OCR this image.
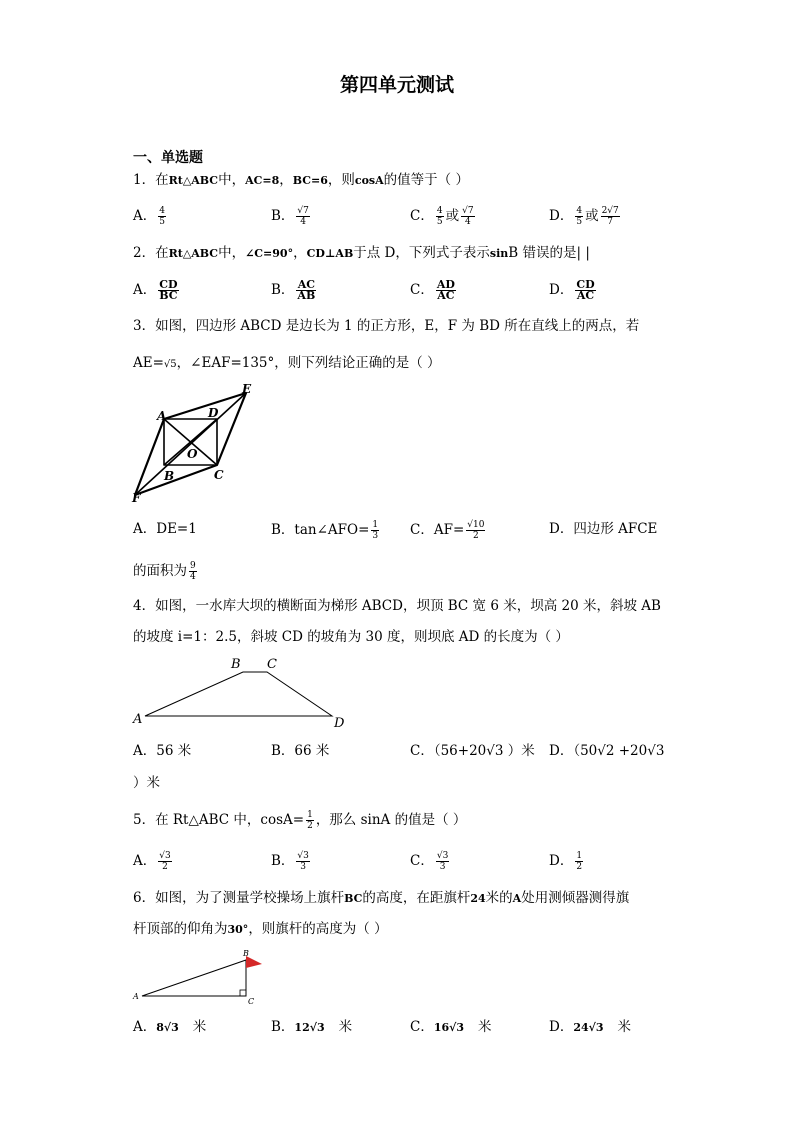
第四单元测试
一、单选题
1．在Rt△ABC中，AC=8，BC=6，则cosA的值等于（ ）
A． $\frac{4}{5}$	B． $\frac{√7}{4}$	C． $\frac{4}{5}$ 或 $\frac{√7}{4}$	D． $\frac{4}{5}$ 或 $\frac{2√7}{7}$
2．在Rt△ABC中，∠C=90°，CD⊥AB于点 D，下列式子表示sinB 错误的是| |
A． $\frac{CD}{BC}$	B． $\frac{AC}{AB}$	C． $\frac{AD}{AC}$	D． $\frac{CD}{AC}$
3．如图，四边形 ABCD 是边长为 1 的正方形，E，F 为 BD 所在直线上的两点，若
AE=√5，∠EAF=135°，则下列结论正确的是（ ）
A	D
E
O
B	C
F
A．DE=1	B．tan∠AFO= $\frac{1}{3}$ C．$AF= \frac{√10}{2}$	D．四边形 AFCE
的面积为 $\frac{9}{4}$
4．如图，一水库大坝的横断面为梯形 ABCD，坝顶 BC 宽 6 米，坝高 20 米，斜坡 AB
的坡度 i=1：2.5，斜坡 CD 的坡角为 30 度，则坝底 AD 的长度为（ ）
B C
A	D
A．56 米	B．66 米	C．（56+20√3 ）米 D．（50√2 +20√3
）米
5．在 Rt△ABC 中，$\cos A= \frac{1}{2}$ ，那么 sinA 的值是（ ）
A． $\frac{√3}{2}$	B． $\frac{√3}{3}$	C． $\frac{√3}{3}$	D． $\frac{1}{2}$
6．如图，为了测量学校操场上旗杆BC的高度，在距旗杆24米的A处用测倾器测得旗
杆顶部的仰角为30°，则旗杆的高度为（ ）
B
A
C
A．8√3 米	B．12√3 米	C．16√3 米	D．24√3 米
